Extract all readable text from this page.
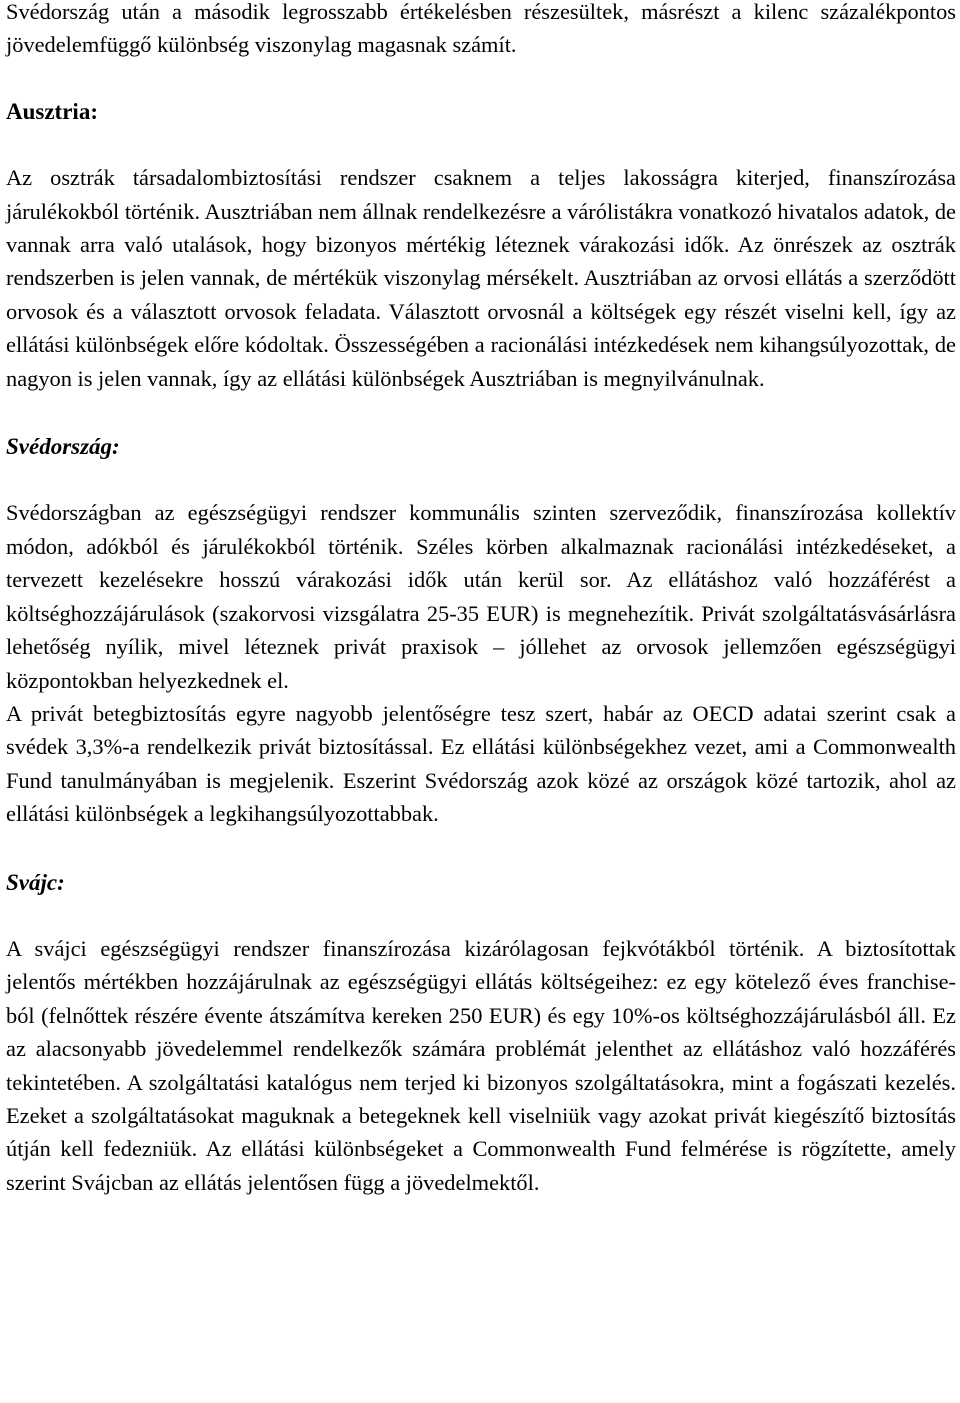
Svédország után a második legrosszabb értékelésben részesültek, másrészt a kilenc százalékpontos jövedelemfüggő különbség viszonylag magasnak számít.

Ausztria:

Az osztrák társadalombiztosítási rendszer csaknem a teljes lakosságra kiterjed, finanszírozása járulékokból történik. Ausztriában nem állnak rendelkezésre a várólistákra vonatkozó hivatalos adatok, de vannak arra való utalások, hogy bizonyos mértékig léteznek várakozási idők. Az önrészek az osztrák rendszerben is jelen vannak, de mértékük viszonylag mérsékelt. Ausztriában az orvosi ellátás a szerződött orvosok és a választott orvosok feladata. Választott orvosnál a költségek egy részét viselni kell, így az ellátási különbségek előre kódoltak. Összességében a racionálási intézkedések nem kihangsúlyozottak, de nagyon is jelen vannak, így az ellátási különbségek Ausztriában is megnyilvánulnak.

Svédország:

Svédországban az egészségügyi rendszer kommunális szinten szerveződik, finanszírozása kollektív módon, adókból és járulékokból történik. Széles körben alkalmaznak racionálási intézkedéseket, a tervezett kezelésekre hosszú várakozási idők után kerül sor. Az ellátáshoz való hozzáférést a költséghozzájárulások (szakorvosi vizsgálatra 25-35 EUR) is megnehezítik. Privát szolgáltatásvásárlásra lehetőség nyílik, mivel léteznek privát praxisok – jóllehet az orvosok jellemzően egészségügyi központokban helyezkednek el.

A privát betegbiztosítás egyre nagyobb jelentőségre tesz szert, habár az OECD adatai szerint csak a svédek 3,3%-a rendelkezik privát biztosítással. Ez ellátási különbségekhez vezet, ami a Commonwealth Fund tanulmányában is megjelenik. Eszerint Svédország azok közé az országok közé tartozik, ahol az ellátási különbségek a legkihangsúlyozottabbak.

Svájc:

A svájci egészségügyi rendszer finanszírozása kizárólagosan fejkvótákból történik. A biztosítottak jelentős mértékben hozzájárulnak az egészségügyi ellátás költségeihez: ez egy kötelező éves franchise-ból (felnőttek részére évente átszámítva kereken 250 EUR) és egy 10%-os költséghozzájárulásból áll. Ez az alacsonyabb jövedelemmel rendelkezők számára problémát jelenthet az ellátáshoz való hozzáférés tekintetében. A szolgáltatási katalógus nem terjed ki bizonyos szolgáltatásokra, mint a fogászati kezelés. Ezeket a szolgáltatásokat maguknak a betegeknek kell viselniük vagy azokat privát kiegészítő biztosítás útján kell fedezniük. Az ellátási különbségeket a Commonwealth Fund felmérése is rögzítette, amely szerint Svájcban az ellátás jelentősen függ a jövedelmektől.
